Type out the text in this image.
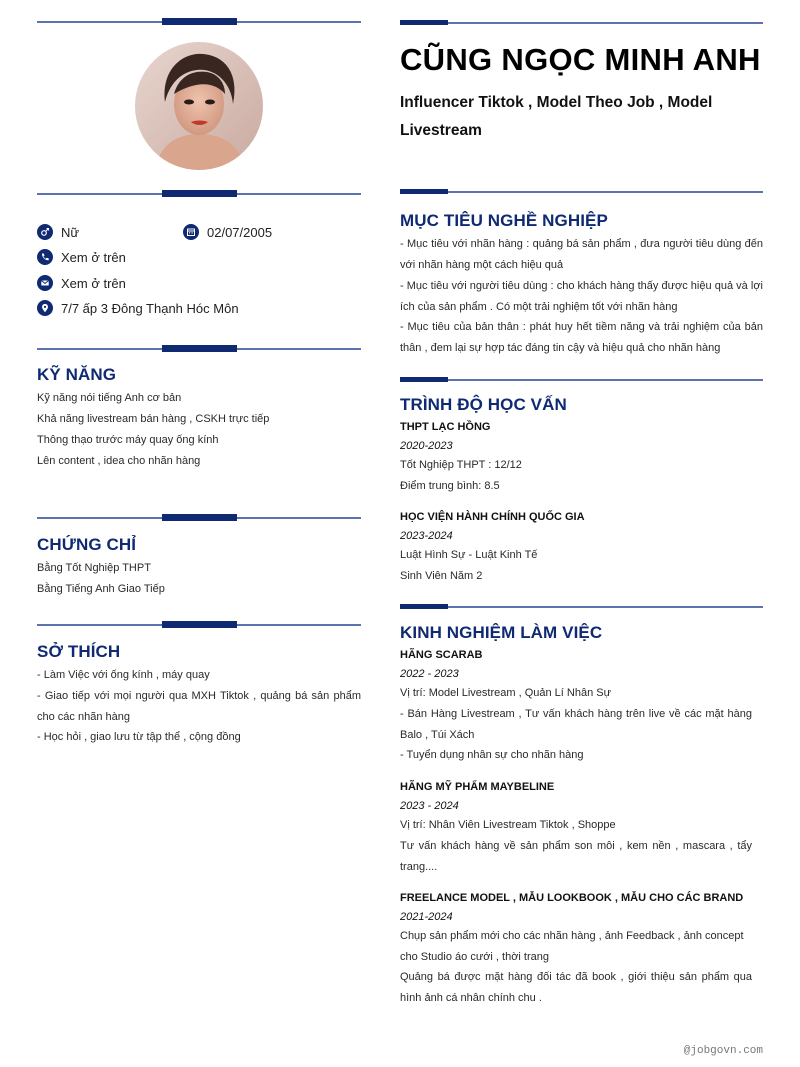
Nữ	02/07/2005
Xem ở trên
Xem ở trên
7/7 ấp 3 Đông Thạnh Hóc Môn
KỸ NĂNG
Kỹ năng nói tiếng Anh cơ bản
Khả năng livestream bán hàng , CSKH trực tiếp
Thông thạo trước máy quay ống kính
Lên content , idea cho nhãn hàng
CHỨNG CHỈ
Bằng Tốt Nghiệp THPT
Bằng Tiếng Anh Giao Tiếp
SỞ THÍCH
- Làm Việc với ống kính , máy quay
- Giao tiếp với mọi người qua MXH Tiktok , quảng bá sản phẩm cho các nhãn hàng
- Học hỏi , giao lưu từ tập thể , cộng đồng
CŨNG NGỌC MINH ANH
Influencer Tiktok , Model Theo Job , Model Livestream
MỤC TIÊU NGHỀ NGHIỆP
- Mục tiêu với nhãn hàng : quảng bá sản phẩm , đưa người tiêu dùng đến với nhãn hàng một cách hiệu quả
- Mục tiêu với người tiêu dùng : cho khách hàng thấy được hiệu quả và lợi ích của sản phẩm . Có một trải nghiệm tốt với nhãn hàng
- Mục tiêu của bản thân : phát huy hết tiềm năng và trải nghiệm của bản thân , đem lại sự hợp tác đáng tin cậy và hiệu quả cho nhãn hàng
TRÌNH ĐỘ HỌC VẤN
THPT LẠC HỒNG
2020-2023
Tốt Nghiệp THPT : 12/12
Điểm trung bình: 8.5
HỌC VIỆN HÀNH CHÍNH QUỐC GIA
2023-2024
Luật Hình Sự - Luật Kinh Tế
Sinh Viên Năm 2
KINH NGHIỆM LÀM VIỆC
HÃNG SCARAB
2022 - 2023
Vị trí: Model Livestream , Quản Lí Nhân Sự
- Bán Hàng Livestream , Tư vấn khách hàng trên live về các mặt hàng Balo , Túi Xách
- Tuyển dụng nhân sự cho nhãn hàng
HÃNG MỸ PHẨM MAYBELINE
2023 - 2024
Vị trí: Nhân Viên Livestream Tiktok , Shoppe
Tư vấn khách hàng về sản phẩm son môi , kem nền , mascara , tẩy trang....
FREELANCE MODEL , MẪU LOOKBOOK , MẪU CHO CÁC BRAND
2021-2024
Chụp sản phẩm mới cho các nhãn hàng , ảnh Feedback , ảnh concept cho Studio áo cưới , thời trang
Quảng bá được mặt hàng đối tác đã book , giới thiệu sản phẩm qua hình ảnh cá nhân chính chu .
@jobgovn.com
